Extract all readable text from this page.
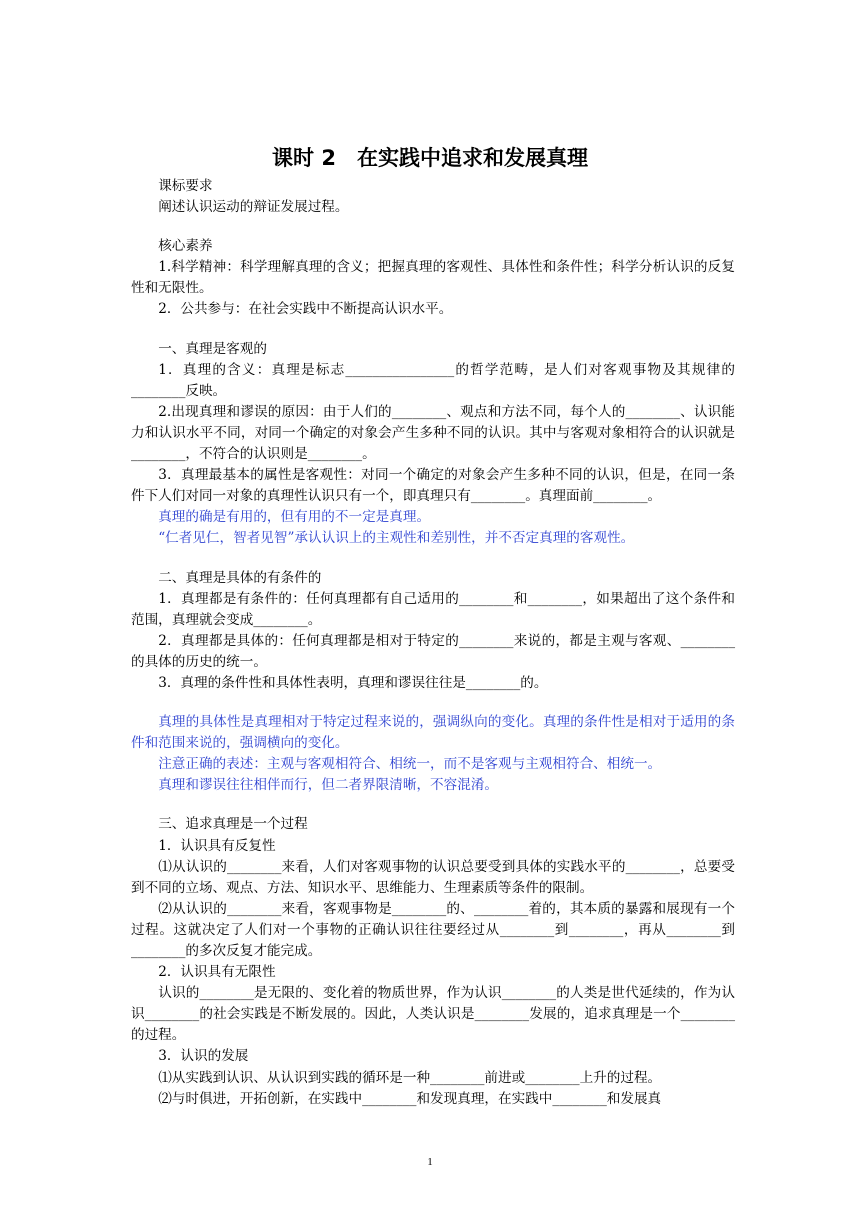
课时 2　在实践中追求和发展真理

课标要求

阐述认识运动的辩证发展过程。

核心素养

1.科学精神：科学理解真理的含义；把握真理的客观性、具体性和条件性；科学分析认识的反复性和无限性。

2．公共参与：在社会实践中不断提高认识水平。

一、真理是客观的

1．真理的含义：真理是标志________________的哲学范畴，是人们对客观事物及其规律的________反映。

2.出现真理和谬误的原因：由于人们的________、观点和方法不同，每个人的________、认识能力和认识水平不同，对同一个确定的对象会产生多种不同的认识。其中与客观对象相符合的认识就是________，不符合的认识则是________。

3．真理最基本的属性是客观性：对同一个确定的对象会产生多种不同的认识，但是，在同一条件下人们对同一对象的真理性认识只有一个，即真理只有________。真理面前________。

真理的确是有用的，但有用的不一定是真理。

“仁者见仁，智者见智”承认认识上的主观性和差别性，并不否定真理的客观性。

二、真理是具体的有条件的

1．真理都是有条件的：任何真理都有自己适用的________和________，如果超出了这个条件和范围，真理就会变成________。

2．真理都是具体的：任何真理都是相对于特定的________来说的，都是主观与客观、________的具体的历史的统一。

3．真理的条件性和具体性表明，真理和谬误往往是________的。

真理的具体性是真理相对于特定过程来说的，强调纵向的变化。真理的条件性是相对于适用的条件和范围来说的，强调横向的变化。

注意正确的表述：主观与客观相符合、相统一，而不是客观与主观相符合、相统一。

真理和谬误往往相伴而行，但二者界限清晰，不容混淆。

三、追求真理是一个过程

1．认识具有反复性

⑴从认识的________来看，人们对客观事物的认识总要受到具体的实践水平的________，总要受到不同的立场、观点、方法、知识水平、思维能力、生理素质等条件的限制。

⑵从认识的________来看，客观事物是________的、________着的，其本质的暴露和展现有一个过程。这就决定了人们对一个事物的正确认识往往要经过从________到________，再从________到________的多次反复才能完成。

2．认识具有无限性

认识的________是无限的、变化着的物质世界，作为认识________的人类是世代延续的，作为认识________的社会实践是不断发展的。因此，人类认识是________发展的，追求真理是一个________的过程。

3．认识的发展

⑴从实践到认识、从认识到实践的循环是一种________前进或________上升的过程。

⑵与时俱进，开拓创新，在实践中________和发现真理，在实践中________和发展真

1
